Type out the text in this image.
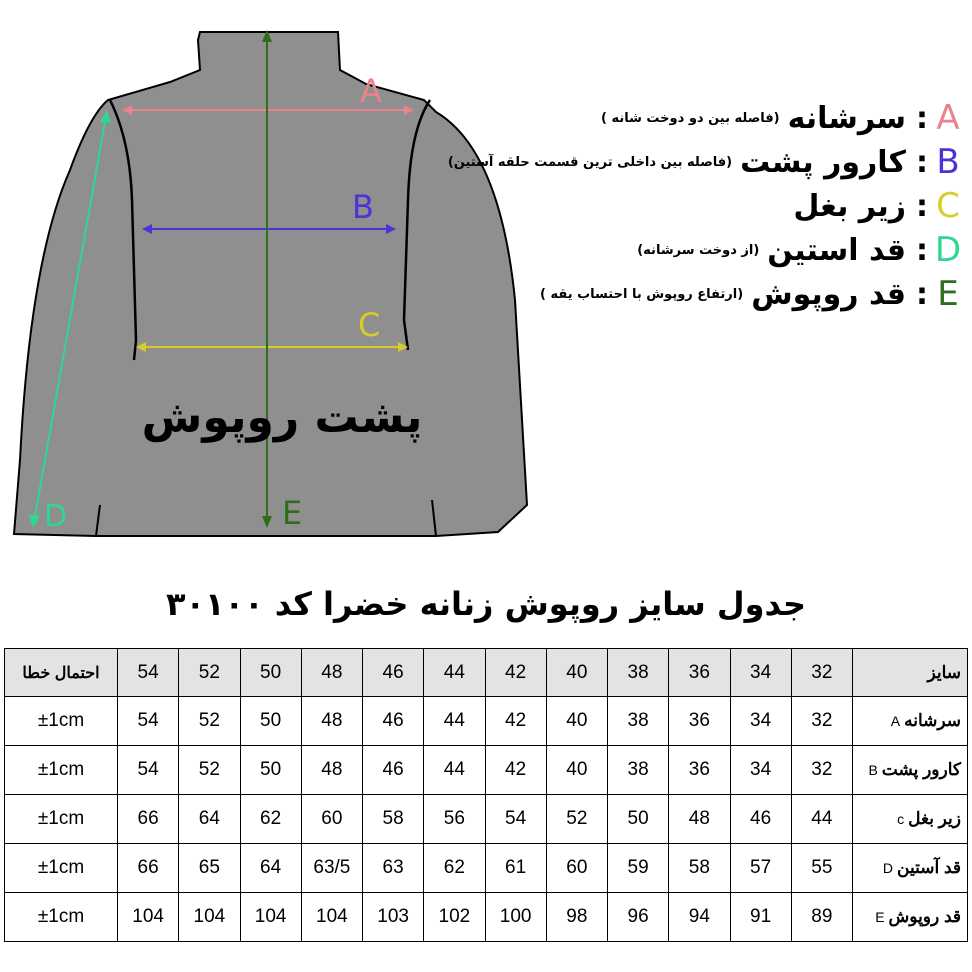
A
B
C
E
D
پشت روپوش
A
:
سرشانه
(فاصله بین دو دوخت شانه )
B
:
کارور پشت
(فاصله بین داخلی ترین قسمت حلقه آستین)
C
:
زیر بغل
D
:
قد استین
(از دوخت سرشانه)
E
:
قد روپوش
(ارتفاع روپوش با احتساب یقه )
جدول سایز روپوش زنانه خضرا کد ۳۰۱۰۰
سایز	32	34	36	38	40	42	44	46	48	50	52	54	احتمال خطا
سرشانهA	32	34	36	38	40	42	44	46	48	50	52	54	±1cm
کارور پشتB	32	34	36	38	40	42	44	46	48	50	52	54	±1cm
زیر بغلc	44	46	48	50	52	54	56	58	60	62	64	66	±1cm
قد آستینD	55	57	58	59	60	61	62	63	63/5	64	65	66	±1cm
قد روپوشE	89	91	94	96	98	100	102	103	104	104	104	104	±1cm
